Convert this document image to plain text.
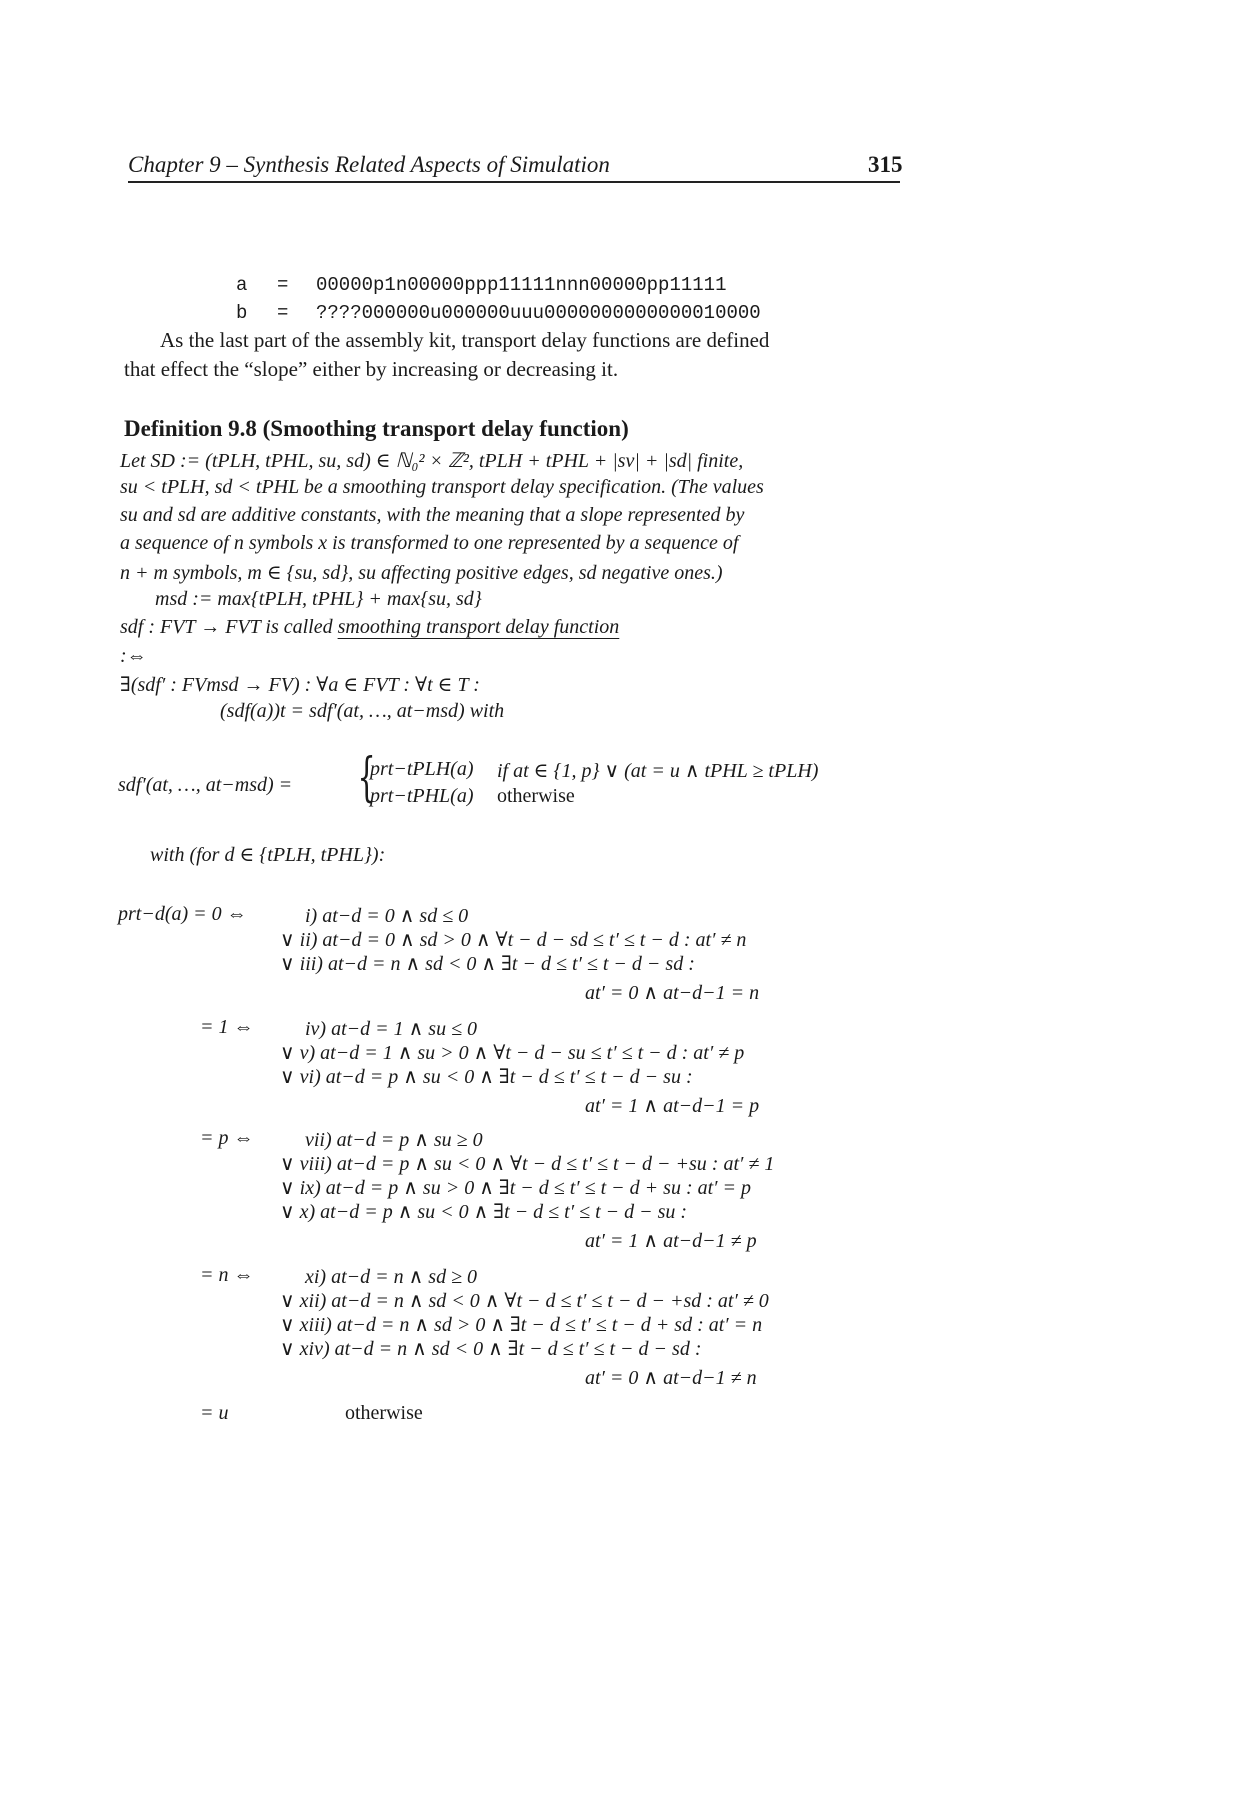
Chapter 9 – Synthesis Related Aspects of Simulation	315
a = 00000p1n00000ppp11111nnn00000pp11111
b = ????000000u000000uuu0000000000000010000
As the last part of the assembly kit, transport delay functions are defined
that effect the “slope” either by increasing or decreasing it.
Definition 9.8 (Smoothing transport delay function)
Let SD := (tPLH, tPHL, su, sd) ∈ ℕ₀² × ℤ², tPLH + tPHL + |sv| + |sd| finite,
su < tPLH, sd < tPHL be a smoothing transport delay specification. (The values
su and sd are additive constants, with the meaning that a slope represented by
a sequence of n symbols x is transformed to one represented by a sequence of
n + m symbols, m ∈ {su, sd}, su affecting positive edges, sd negative ones.)
msd := max{tPLH, tPHL} + max{su, sd}
sdf : FVT → FVT is called smoothing transport delay function
:⇔
∃(sdf′ : FVmsd → FV) : ∀a ∈ FVT : ∀t ∈ T :
(sdf(a))t = sdf′(at, …, at−msd) with
sdf′(at, …, at−msd) = {
prt−tPLH(a) if at ∈ {1, p} ∨ (at = u ∧ tPHL ≥ tPLH)
prt−tPHL(a) otherwise
with (for d ∈ {tPLH, tPHL}):
prt−d(a) = 0 ⇔	i) at−d = 0 ∧ sd ≤ 0
∨ ii) at−d = 0 ∧ sd > 0 ∧ ∀t − d − sd ≤ t′ ≤ t − d : at′ ≠ n
∨ iii) at−d = n ∧ sd < 0 ∧ ∃t − d ≤ t′ ≤ t − d − sd :
at′ = 0 ∧ at−d−1 = n
= 1 ⇔	iv) at−d = 1 ∧ su ≤ 0
∨ v) at−d = 1 ∧ su > 0 ∧ ∀t − d − su ≤ t′ ≤ t − d : at′ ≠ p
∨ vi) at−d = p ∧ su < 0 ∧ ∃t − d ≤ t′ ≤ t − d − su :
at′ = 1 ∧ at−d−1 = p
= p ⇔	vii) at−d = p ∧ su ≥ 0
∨ viii) at−d = p ∧ su < 0 ∧ ∀t − d ≤ t′ ≤ t − d − +su : at′ ≠ 1
∨ ix) at−d = p ∧ su > 0 ∧ ∃t − d ≤ t′ ≤ t − d + su : at′ = p
∨ x) at−d = p ∧ su < 0 ∧ ∃t − d ≤ t′ ≤ t − d − su :
at′ = 1 ∧ at−d−1 ≠ p
= n ⇔	xi) at−d = n ∧ sd ≥ 0
∨ xii) at−d = n ∧ sd < 0 ∧ ∀t − d ≤ t′ ≤ t − d − +sd : at′ ≠ 0
∨ xiii) at−d = n ∧ sd > 0 ∧ ∃t − d ≤ t′ ≤ t − d + sd : at′ = n
∨ xiv) at−d = n ∧ sd < 0 ∧ ∃t − d ≤ t′ ≤ t − d − sd :
at′ = 0 ∧ at−d−1 ≠ n
= u	otherwise
